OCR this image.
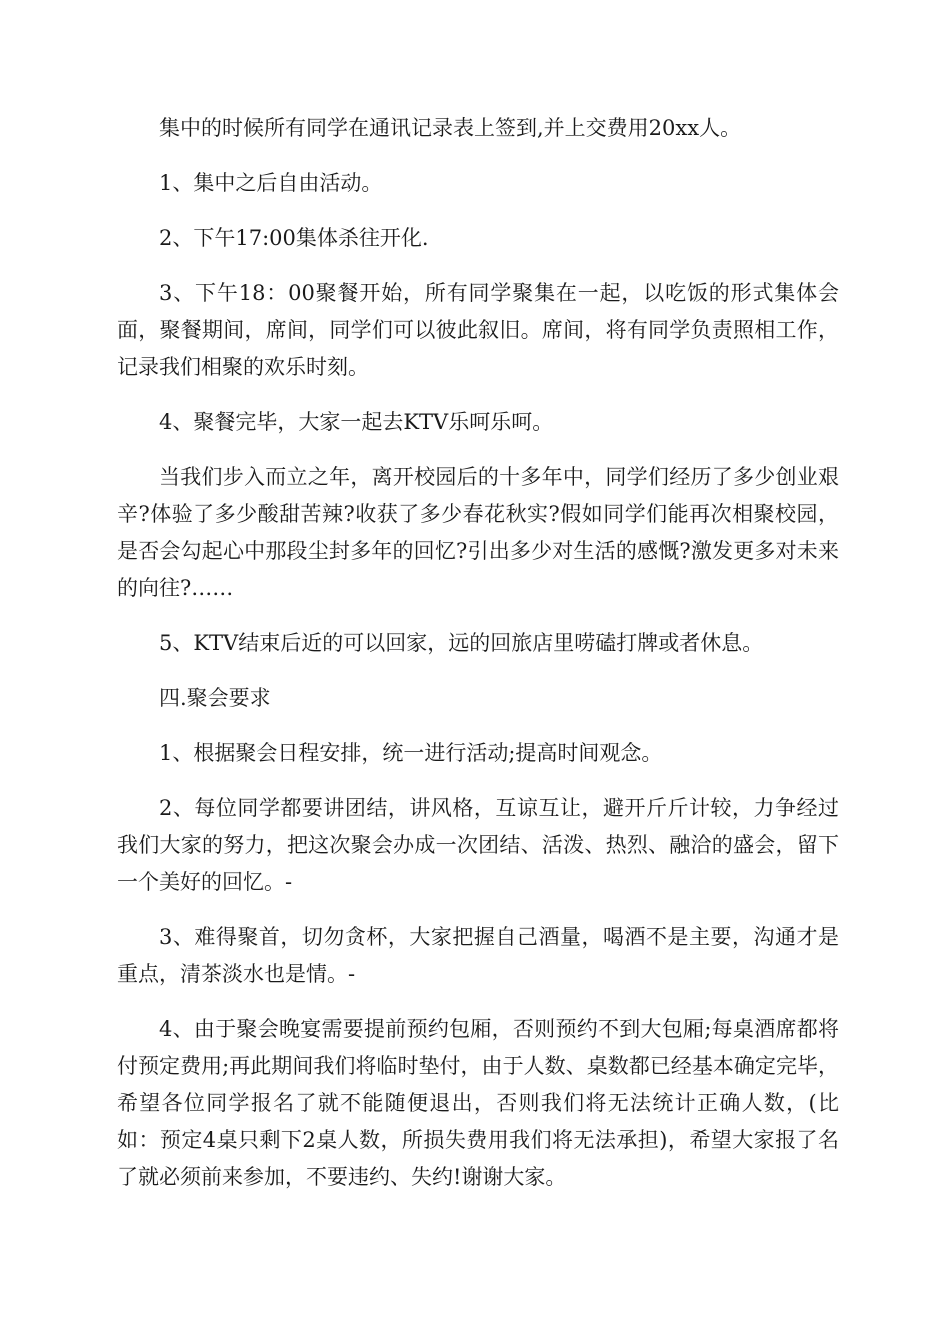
集中的时候所有同学在通讯记录表上签到,并上交费用20xx人。

1、集中之后自由活动。

2、下午17:00集体杀往开化.

3、下午18：00聚餐开始，所有同学聚集在一起，以吃饭的形式集体会面，聚餐期间，席间，同学们可以彼此叙旧。席间，将有同学负责照相工作，记录我们相聚的欢乐时刻。

4、聚餐完毕，大家一起去KTV乐呵乐呵。

当我们步入而立之年，离开校园后的十多年中，同学们经历了多少创业艰辛?体验了多少酸甜苦辣?收获了多少春花秋实?假如同学们能再次相聚校园，是否会勾起心中那段尘封多年的回忆?引出多少对生活的感慨?激发更多对未来的向往?……

5、KTV结束后近的可以回家，远的回旅店里唠磕打牌或者休息。

四.聚会要求

1、根据聚会日程安排，统一进行活动;提高时间观念。

2、每位同学都要讲团结，讲风格，互谅互让，避开斤斤计较，力争经过我们大家的努力，把这次聚会办成一次团结、活泼、热烈、融洽的盛会，留下一个美好的回忆。-

3、难得聚首，切勿贪杯，大家把握自己酒量，喝酒不是主要，沟通才是重点，清茶淡水也是情。-

4、由于聚会晚宴需要提前预约包厢，否则预约不到大包厢;每桌酒席都将付预定费用;再此期间我们将临时垫付，由于人数、桌数都已经基本确定完毕，希望各位同学报名了就不能随便退出，否则我们将无法统计正确人数，(比如：预定4桌只剩下2桌人数，所损失费用我们将无法承担)，希望大家报了名了就必须前来参加，不要违约、失约!谢谢大家。
